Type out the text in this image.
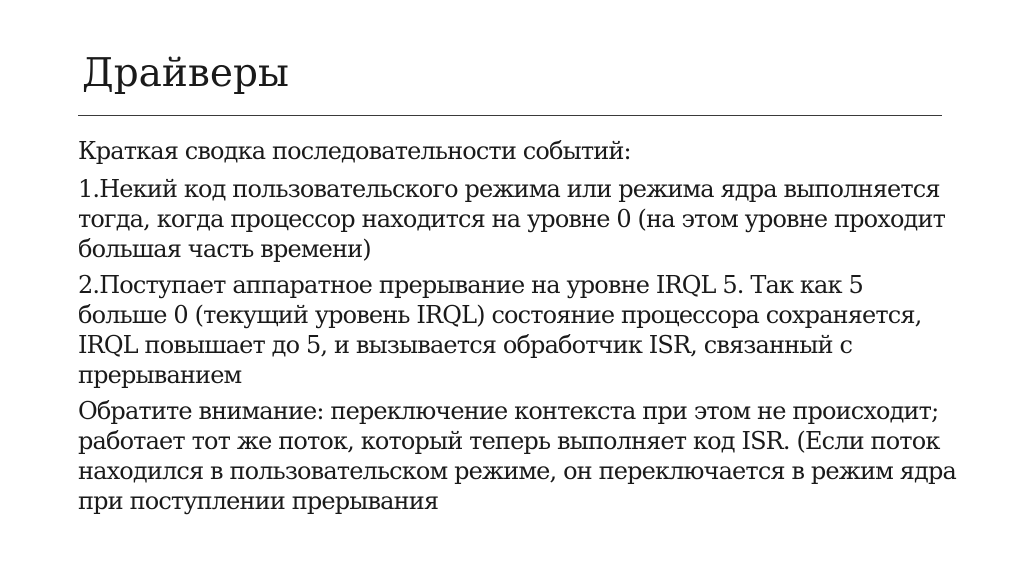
Драйверы

Краткая сводка последовательности событий:

1.Некий код пользовательского режима или режима ядра выполняется тогда, когда процессор находится на уровне 0 (на этом уровне проходит большая часть времени)

2.Поступает аппаратное прерывание на уровне IRQL 5. Так как 5 больше 0 (текущий уровень IRQL) состояние процессора сохраняется, IRQL повышает до 5, и вызывается обработчик ISR, связанный с прерыванием

Обратите внимание: переключение контекста при этом не происходит; работает тот же поток, который теперь выполняет код ISR. (Если поток находился в пользовательском режиме, он переключается в режим ядра при поступлении прерывания
